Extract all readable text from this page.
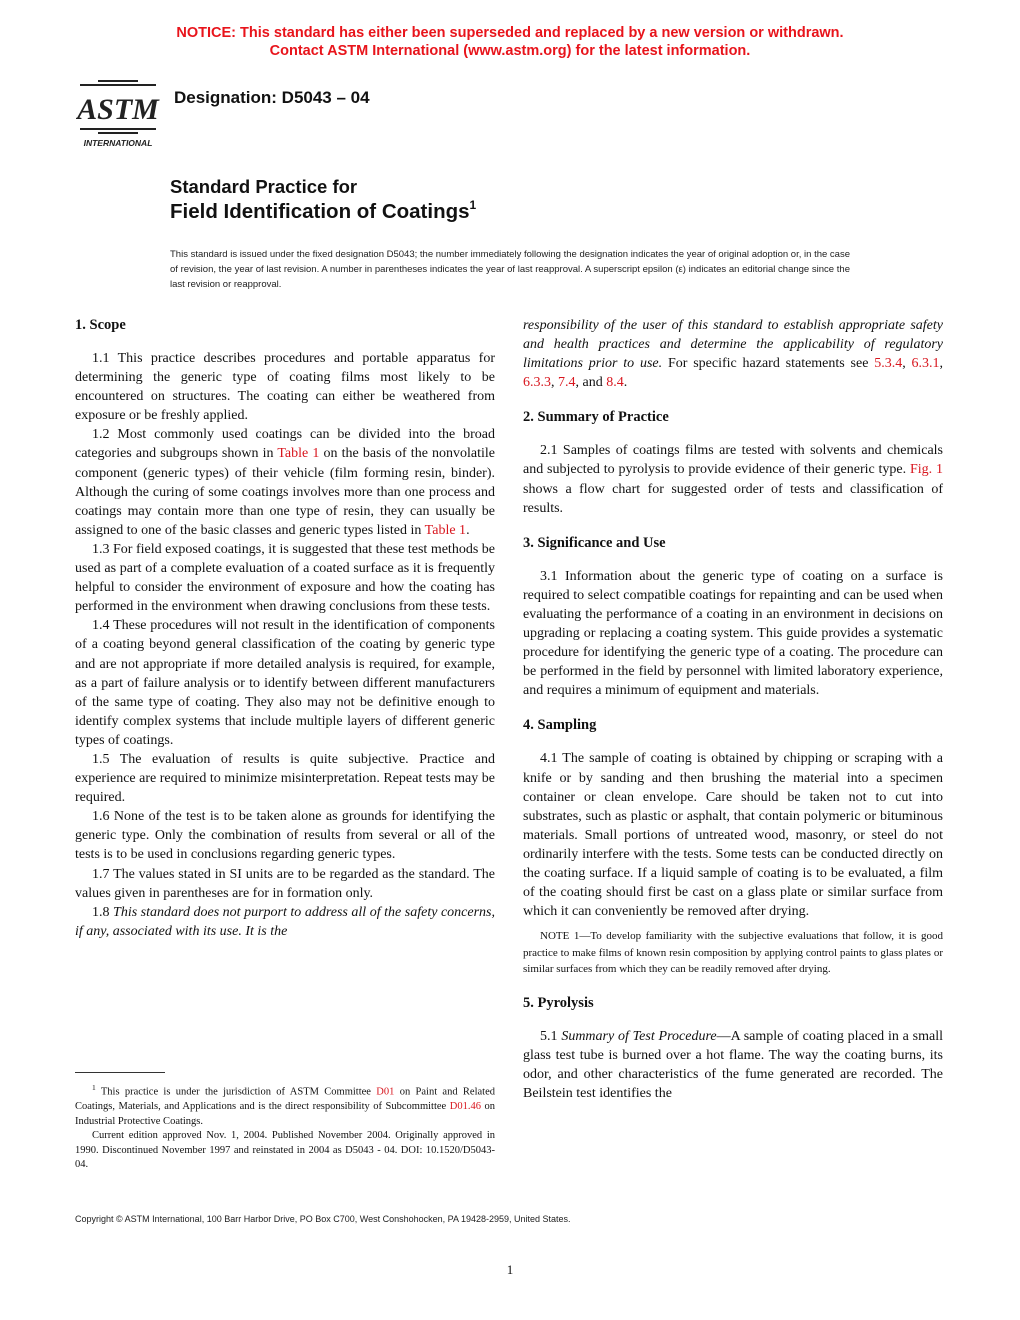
NOTICE: This standard has either been superseded and replaced by a new version or withdrawn.
Contact ASTM International (www.astm.org) for the latest information.
ASTM
INTERNATIONAL
Designation: D5043 – 04
Standard Practice for
Field Identification of Coatings$^1$
This standard is issued under the fixed designation D5043; the number immediately following the designation indicates the year of original adoption or, in the case of revision, the year of last revision. A number in parentheses indicates the year of last reapproval. A superscript epsilon (ε) indicates an editorial change since the last revision or reapproval.

1. Scope

1.1 This practice describes procedures and portable apparatus for determining the generic type of coating films most likely to be encountered on structures. The coating can either be weathered from exposure or be freshly applied.

1.2 Most commonly used coatings can be divided into the broad categories and subgroups shown in Table 1 on the basis of the nonvolatile component (generic types) of their vehicle (film forming resin, binder). Although the curing of some coatings involves more than one process and coatings may contain more than one type of resin, they can usually be assigned to one of the basic classes and generic types listed in Table 1.

1.3 For field exposed coatings, it is suggested that these test methods be used as part of a complete evaluation of a coated surface as it is frequently helpful to consider the environment of exposure and how the coating has performed in the environment when drawing conclusions from these tests.

1.4 These procedures will not result in the identification of components of a coating beyond general classification of the coating by generic type and are not appropriate if more detailed analysis is required, for example, as a part of failure analysis or to identify between different manufacturers of the same type of coating. They also may not be definitive enough to identify complex systems that include multiple layers of different generic types of coatings.

1.5 The evaluation of results is quite subjective. Practice and experience are required to minimize misinterpretation. Repeat tests may be required.

1.6 None of the test is to be taken alone as grounds for identifying the generic type. Only the combination of results from several or all of the tests is to be used in conclusions regarding generic types.

1.7 The values stated in SI units are to be regarded as the standard. The values given in parentheses are for in formation only.

1.8 This standard does not purport to address all of the safety concerns, if any, associated with its use. It is the

responsibility of the user of this standard to establish appropriate safety and health practices and determine the applicability of regulatory limitations prior to use. For specific hazard statements see 5.3.4, 6.3.1, 6.3.3, 7.4, and 8.4.

2. Summary of Practice

2.1 Samples of coatings films are tested with solvents and chemicals and subjected to pyrolysis to provide evidence of their generic type. Fig. 1 shows a flow chart for suggested order of tests and classification of results.

3. Significance and Use

3.1 Information about the generic type of coating on a surface is required to select compatible coatings for repainting and can be used when evaluating the performance of a coating in an environment in decisions on upgrading or replacing a coating system. This guide provides a systematic procedure for identifying the generic type of a coating. The procedure can be performed in the field by personnel with limited laboratory experience, and requires a minimum of equipment and materials.

4. Sampling

4.1 The sample of coating is obtained by chipping or scraping with a knife or by sanding and then brushing the material into a specimen container or clean envelope. Care should be taken not to cut into substrates, such as plastic or asphalt, that contain polymeric or bituminous materials. Small portions of untreated wood, masonry, or steel do not ordinarily interfere with the tests. Some tests can be conducted directly on the coating surface. If a liquid sample of coating is to be evaluated, a film of the coating should first be cast on a glass plate or similar surface from which it can conveniently be removed after drying.

NOTE 1—To develop familiarity with the subjective evaluations that follow, it is good practice to make films of known resin composition by applying control paints to glass plates or similar surfaces from which they can be readily removed after drying.

5. Pyrolysis

5.1 Summary of Test Procedure—A sample of coating placed in a small glass test tube is burned over a hot flame. The way the coating burns, its odor, and other characteristics of the fume generated are recorded. The Beilstein test identifies the

$^1$ This practice is under the jurisdiction of ASTM Committee D01 on Paint and Related Coatings, Materials, and Applications and is the direct responsibility of Subcommittee D01.46 on Industrial Protective Coatings.

Current edition approved Nov. 1, 2004. Published November 2004. Originally approved in 1990. Discontinued November 1997 and reinstated in 2004 as D5043 - 04. DOI: 10.1520/D5043-04.

Copyright © ASTM International, 100 Barr Harbor Drive, PO Box C700, West Conshohocken, PA 19428-2959, United States.
1
